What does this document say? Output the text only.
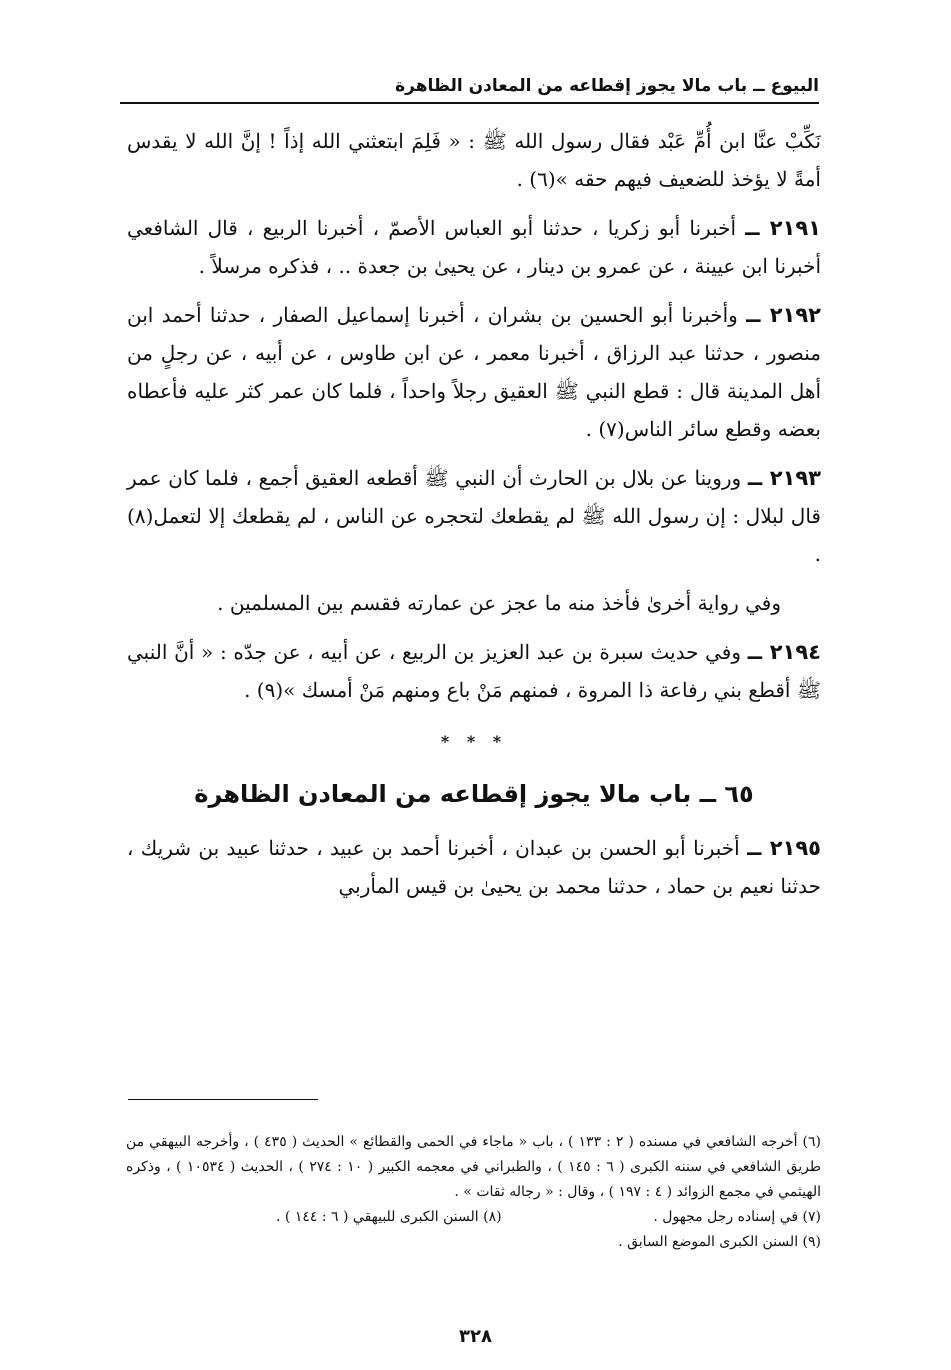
البيوع ــ باب مالا يجوز إقطاعه من المعادن الظاهرة

نَكِّبْ عنَّا ابن أُمِّ عَبْد فقال رسول الله ﷺ : « فَلِمَ ابتعثني الله إذاً ! إنَّ الله لا يقدس أمةً لا يؤخذ للضعيف فيهم حقه »(٦) .

٢١٩١ ــ أخبرنا أبو زكريا ، حدثنا أبو العباس الأصمّ ، أخبرنا الربيع ، قال الشافعي أخبرنا ابن عيينة ، عن عمرو بن دينار ، عن يحيىٰ بن جعدة .. ، فذكره مرسلاً .

٢١٩٢ ــ وأخبرنا أبو الحسين بن بشران ، أخبرنا إسماعيل الصفار ، حدثنا أحمد ابن منصور ، حدثنا عبد الرزاق ، أخبرنا معمر ، عن ابن طاوس ، عن أبيه ، عن رجلٍ من أهل المدينة قال : قطع النبي ﷺ العقيق رجلاً واحداً ، فلما كان عمر كثر عليه فأعطاه بعضه وقطع سائر الناس(٧) .

٢١٩٣ ــ وروينا عن بلال بن الحارث أن النبي ﷺ أقطعه العقيق أجمع ، فلما كان عمر قال لبلال : إن رسول الله ﷺ لم يقطعك لتحجره عن الناس ، لم يقطعك إلا لتعمل(٨) .

وفي رواية أخرىٰ فأخذ منه ما عجز عن عمارته فقسم بين المسلمين .

٢١٩٤ ــ وفي حديث سبرة بن عبد العزيز بن الربيع ، عن أبيه ، عن جدّه : « أنَّ النبي ﷺ أقطع بني رفاعة ذا المروة ، فمنهم مَنْ باع ومنهم مَنْ أمسك »(٩) .

* * *
٦٥ ــ باب مالا يجوز إقطاعه من المعادن الظاهرة

٢١٩٥ ــ أخبرنا أبو الحسن بن عبدان ، أخبرنا أحمد بن عبيد ، حدثنا عبيد بن شريك ، حدثنا نعيم بن حماد ، حدثنا محمد بن يحيىٰ بن قيس المأربي

(٦) أخرجه الشافعي في مسنده ( ٢ : ١٣٣ ) ، باب « ماجاء في الحمى والقطائع » الحديث ( ٤٣٥ ) ، وأخرجه البيهقي من طريق الشافعي في سننه الكبرى ( ٦ : ١٤٥ ) ، والطبراني في معجمه الكبير ( ١٠ : ٢٧٤ ) ، الحديث ( ١٠٥٣٤ ) ، وذكره الهيثمي في مجمع الزوائد ( ٤ : ١٩٧ ) ، وقال : « رجاله ثقات » .

(٧) في إسناده رجل مجهول .
(٨) السنن الكبرى للبيهقي ( ٦ : ١٤٤ ) .

(٩) السنن الكبرى الموضع السابق .

٣٢٨
